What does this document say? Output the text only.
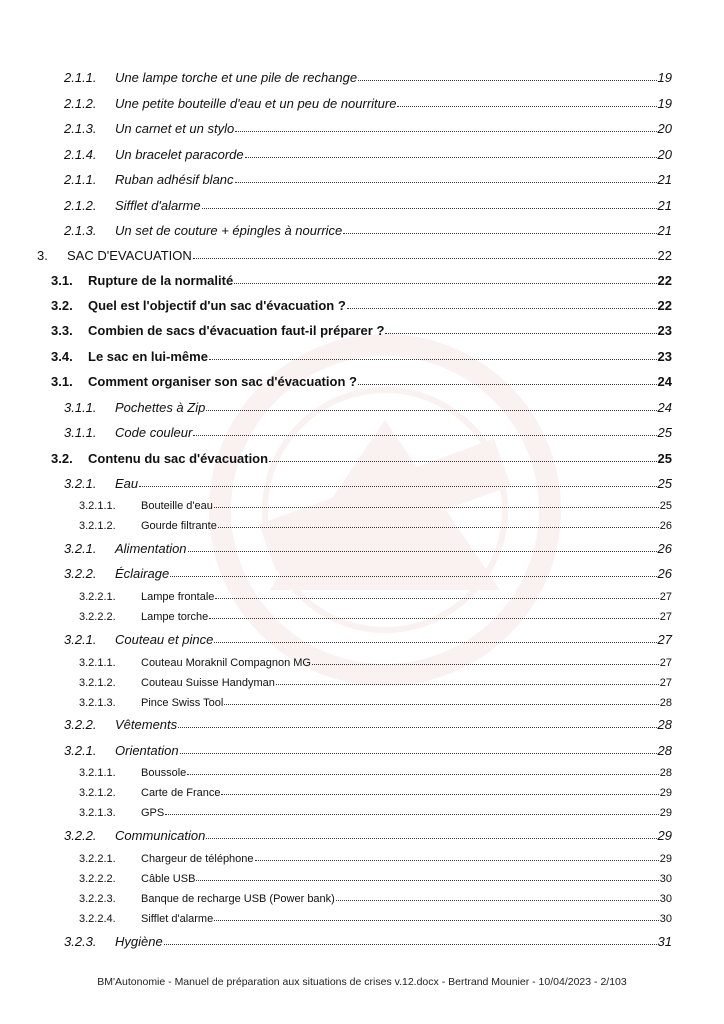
2.1.1.	Une lampe torche et une pile de rechange	19
2.1.2.	Une petite bouteille d'eau et un peu de nourriture	19
2.1.3.	Un carnet et un stylo	20
2.1.4.	Un bracelet paracorde	20
2.1.1.	Ruban adhésif blanc	21
2.1.2.	Sifflet d'alarme	21
2.1.3.	Un set de couture + épingles à nourrice	21
3.	SAC D'EVACUATION	22
3.1.	Rupture de la normalité	22
3.2.	Quel est l'objectif d'un sac d'évacuation ?	22
3.3.	Combien de sacs d'évacuation faut-il préparer ?	23
3.4.	Le sac en lui-même	23
3.1.	Comment organiser son sac d'évacuation ?	24
3.1.1.	Pochettes à Zip	24
3.1.1.	Code couleur	25
3.2.	Contenu du sac d'évacuation	25
3.2.1.	Eau	25
3.2.1.1.	Bouteille d'eau	25
3.2.1.2.	Gourde filtrante	26
3.2.1.	Alimentation	26
3.2.2.	Éclairage	26
3.2.2.1.	Lampe frontale	27
3.2.2.2.	Lampe torche	27
3.2.1.	Couteau et pince	27
3.2.1.1.	Couteau Moraknil Compagnon MG	27
3.2.1.2.	Couteau Suisse Handyman	27
3.2.1.3.	Pince Swiss Tool	28
3.2.2.	Vêtements	28
3.2.1.	Orientation	28
3.2.1.1.	Boussole	28
3.2.1.2.	Carte de France	29
3.2.1.3.	GPS	29
3.2.2.	Communication	29
3.2.2.1.	Chargeur de téléphone	29
3.2.2.2.	Câble USB	30
3.2.2.3.	Banque de recharge USB (Power bank)	30
3.2.2.4.	Sifflet d'alarme	30
3.2.3.	Hygiène	31
BM'Autonomie - Manuel de préparation aux situations de crises v.12.docx - Bertrand Mounier - 10/04/2023 - 2/103
